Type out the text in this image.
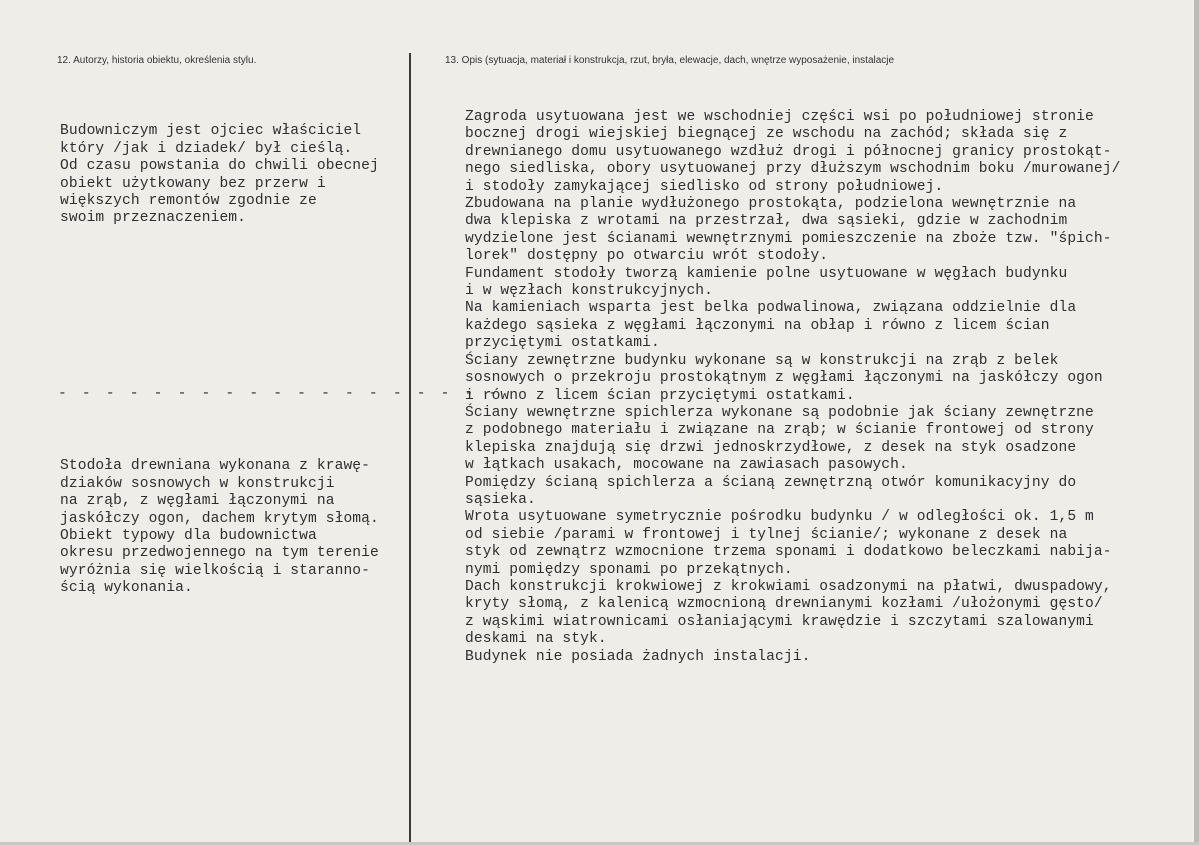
12. Autorzy, historia obiektu, określenia stylu.	13. Opis (sytuacja, materiał i konstrukcja, rzut, bryła, elewacje, dach, wnętrze wyposażenie, instalacje

Budowniczym jest ojciec właściciel
który /jak i dziadek/ był cieślą.
Od czasu powstania do chwili obecnej
obiekt użytkowany bez przerw i
większych remontów zgodnie ze
swoim przeznaczeniem.

- - - - - - - - - - - - - - - - - - -

Stodoła drewniana wykonana z krawę-
dziaków sosnowych w konstrukcji
na zrąb, z węgłami łączonymi na
jaskółczy ogon, dachem krytym słomą.
Obiekt typowy dla budownictwa
okresu przedwojennego na tym terenie
wyróżnia się wielkością i staranno-
ścią wykonania.

Zagroda usytuowana jest we wschodniej części wsi po południowej stronie
bocznej drogi wiejskiej biegnącej ze wschodu na zachód; składa się z
drewnianego domu usytuowanego wzdłuż drogi i północnej granicy prostokąt-
nego siedliska, obory usytuowanej przy dłuższym wschodnim boku /murowanej/
i stodoły zamykającej siedlisko od strony południowej.
Zbudowana na planie wydłużonego prostokąta, podzielona wewnętrznie na
dwa klepiska z wrotami na przestrzał, dwa sąsieki, gdzie w zachodnim
wydzielone jest ścianami wewnętrznymi pomieszczenie na zboże tzw. "śpich-
lorek" dostępny po otwarciu wrót stodoły.
Fundament stodoły tworzą kamienie polne usytuowane w węgłach budynku
i w węzłach konstrukcyjnych.
Na kamieniach wsparta jest belka podwalinowa, związana oddzielnie dla
każdego sąsieka z węgłami łączonymi na obłap i równo z licem ścian
przyciętymi ostatkami.
Ściany zewnętrzne budynku wykonane są w konstrukcji na zrąb z belek
sosnowych o przekroju prostokątnym z węgłami łączonymi na jaskółczy ogon
i równo z licem ścian przyciętymi ostatkami.
Ściany wewnętrzne spichlerza wykonane są podobnie jak ściany zewnętrzne
z podobnego materiału i związane na zrąb; w ścianie frontowej od strony
klepiska znajdują się drzwi jednoskrzydłowe, z desek na styk osadzone
w łątkach usakach, mocowane na zawiasach pasowych.
Pomiędzy ścianą spichlerza a ścianą zewnętrzną otwór komunikacyjny do
sąsieka.
Wrota usytuowane symetrycznie pośrodku budynku / w odległości ok. 1,5 m
od siebie /parami w frontowej i tylnej ścianie/; wykonane z desek na
styk od zewnątrz wzmocnione trzema sponami i dodatkowo beleczkami nabija-
nymi pomiędzy sponami po przekątnych.
Dach konstrukcji krokwiowej z krokwiami osadzonymi na płatwi, dwuspadowy,
kryty słomą, z kalenicą wzmocnioną drewnianymi kozłami /ułożonymi gęsto/
z wąskimi wiatrownicami osłaniającymi krawędzie i szczytami szalowanymi
deskami na styk.
Budynek nie posiada żadnych instalacji.
